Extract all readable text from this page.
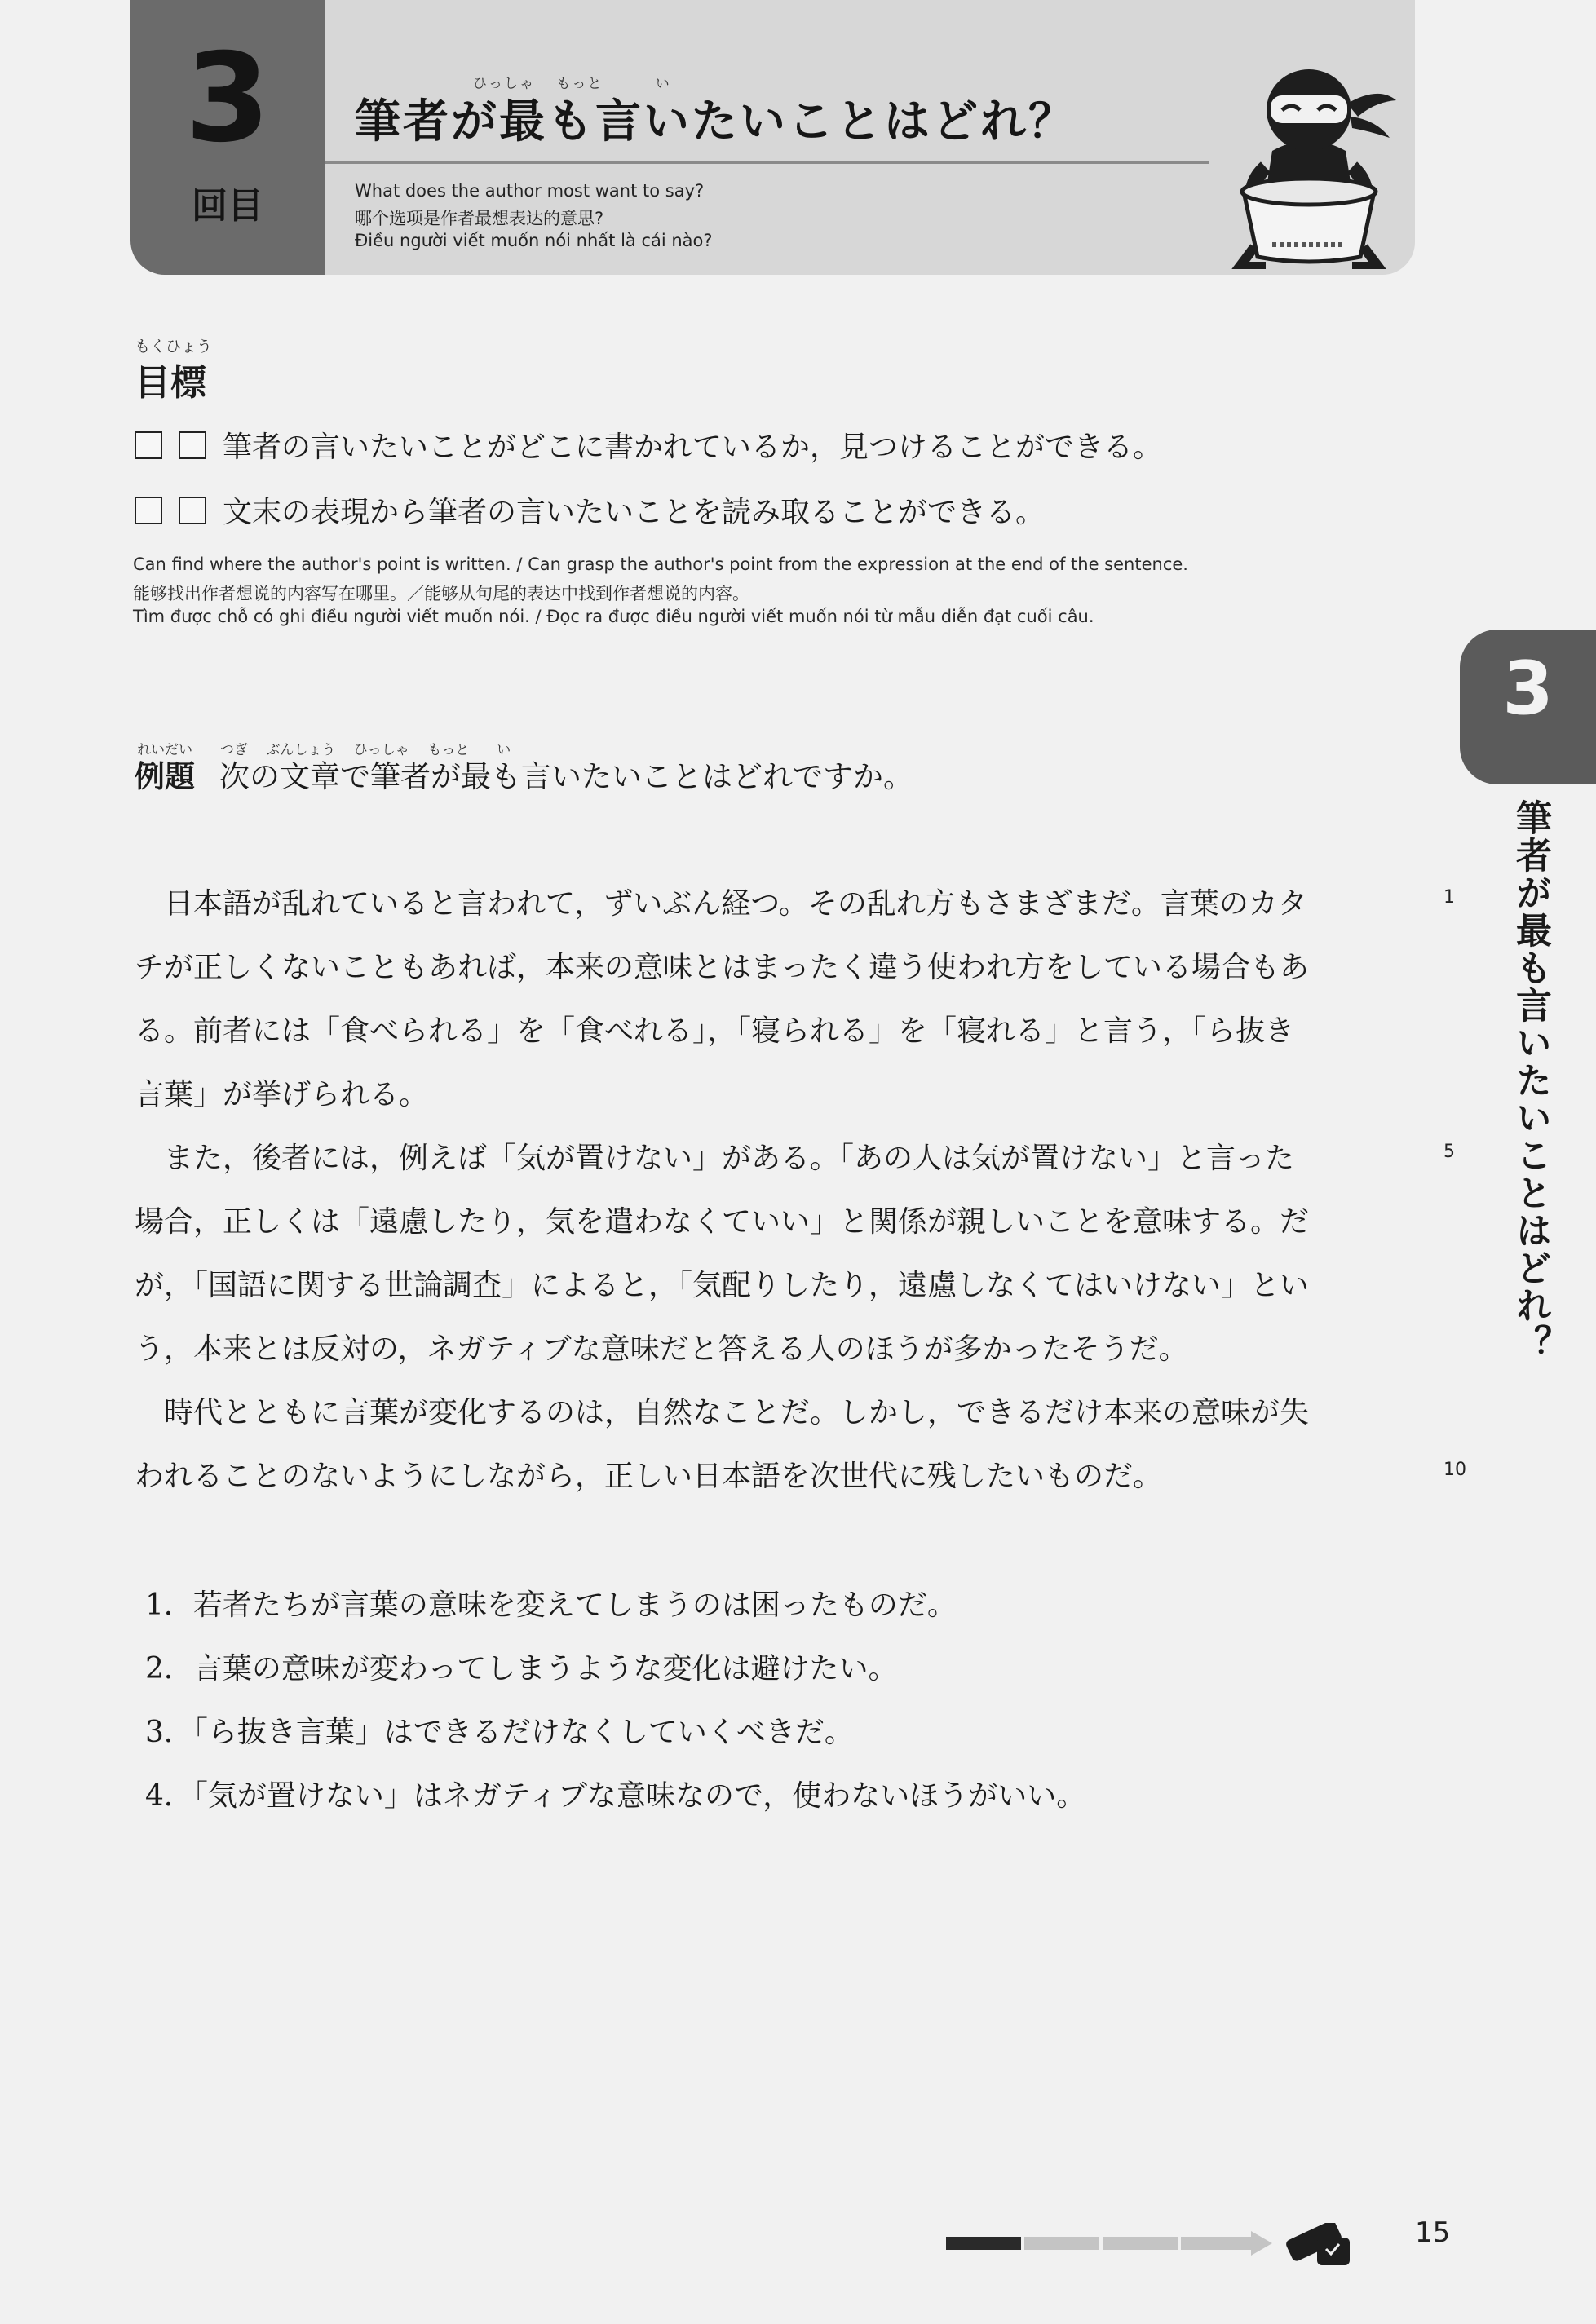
3
回目
ひっしゃ　 もっと　　　 い
筆者が最も言いたいことはどれ？
What does the author most want to say?
哪个选项是作者最想表达的意思?
Điều người viết muốn nói nhất là cái nào?
もくひょう
目標
筆者の言いたいことがどこに書かれているか，見つけることができる。
文末の表現から筆者の言いたいことを読み取ることができる。
Can find where the author's point is written. / Can grasp the author's point from the expression at the end of the sentence.
能够找出作者想说的内容写在哪里。／能够从句尾的表达中找到作者想说的内容。
Tìm được chỗ có ghi điều người viết muốn nói. / Đọc ra được điều người viết muốn nói từ mẫu diễn đạt cuối câu.
れいだい　　つぎ　 ぶんしょう　 ひっしゃ　 もっと　　い
例題 次の文章で筆者が最も言いたいことはどれですか。
　日本語が乱れていると言われて，ずいぶん経つ。その乱れ方もさまざまだ。言葉のカタ
チが正しくないこともあれば，本来の意味とはまったく違う使われ方をしている場合もあ
る。前者には「食べられる」を「食べれる」，「寝られる」を「寝れる」と言う，「ら抜き
言葉」が挙げられる。
　また，後者には，例えば「気が置けない」がある。「あの人は気が置けない」と言った
場合，正しくは「遠慮したり，気を遣わなくていい」と関係が親しいことを意味する。だ
が，「国語に関する世論調査」によると，「気配りしたり，遠慮しなくてはいけない」とい
う，本来とは反対の，ネガティブな意味だと答える人のほうが多かったそうだ。
　時代とともに言葉が変化するのは，自然なことだ。しかし，できるだけ本来の意味が失
われることのないようにしながら，正しい日本語を次世代に残したいものだ。
1
5
10
1．若者たちが言葉の意味を変えてしまうのは困ったものだ。
2．言葉の意味が変わってしまうような変化は避けたい。
3．「ら抜き言葉」はできるだけなくしていくべきだ。
4．「気が置けない」はネガティブな意味なので，使わないほうがいい。
3
筆者が最も言いたいことはどれ？
15
